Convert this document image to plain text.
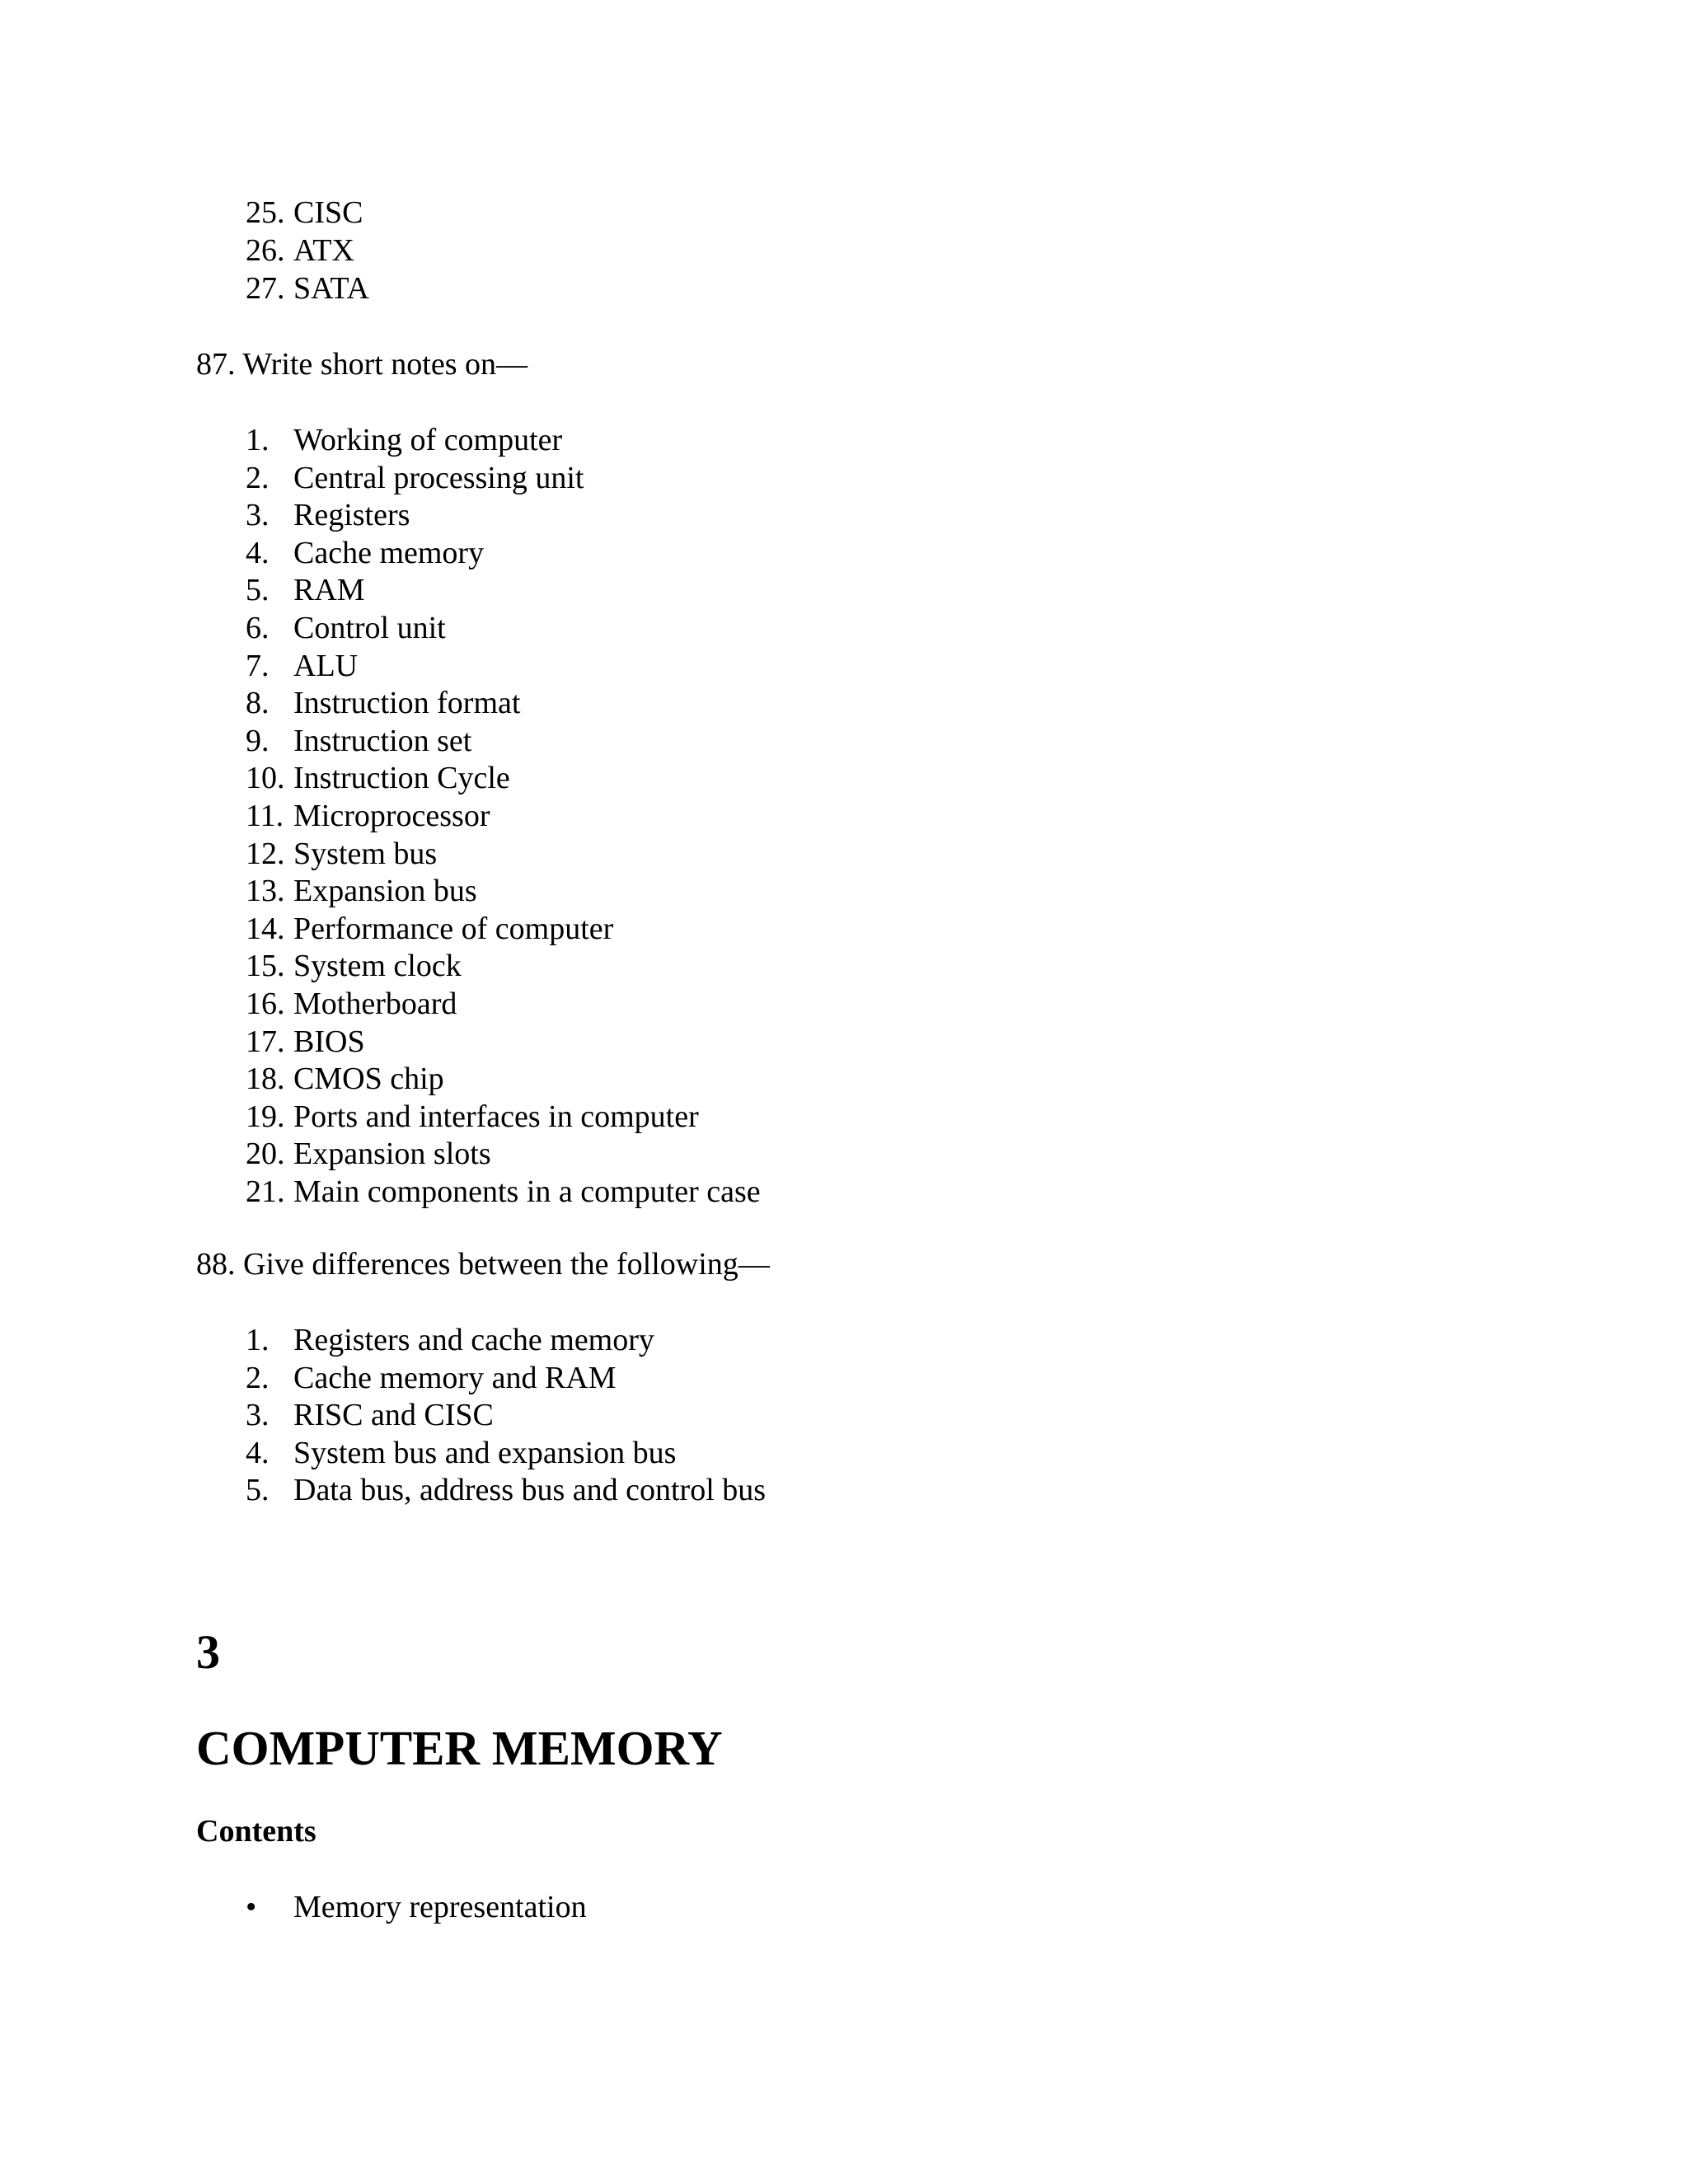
25. CISC
26. ATX
27. SATA
87. Write short notes on—
1. Working of computer
2. Central processing unit
3. Registers
4. Cache memory
5. RAM
6. Control unit
7. ALU
8. Instruction format
9. Instruction set
10. Instruction Cycle
11. Microprocessor
12. System bus
13. Expansion bus
14. Performance of computer
15. System clock
16. Motherboard
17. BIOS
18. CMOS chip
19. Ports and interfaces in computer
20. Expansion slots
21. Main components in a computer case
88. Give differences between the following—
1. Registers and cache memory
2. Cache memory and RAM
3. RISC and CISC
4. System bus and expansion bus
5. Data bus, address bus and control bus
3
COMPUTER MEMORY
Contents
• Memory representation
